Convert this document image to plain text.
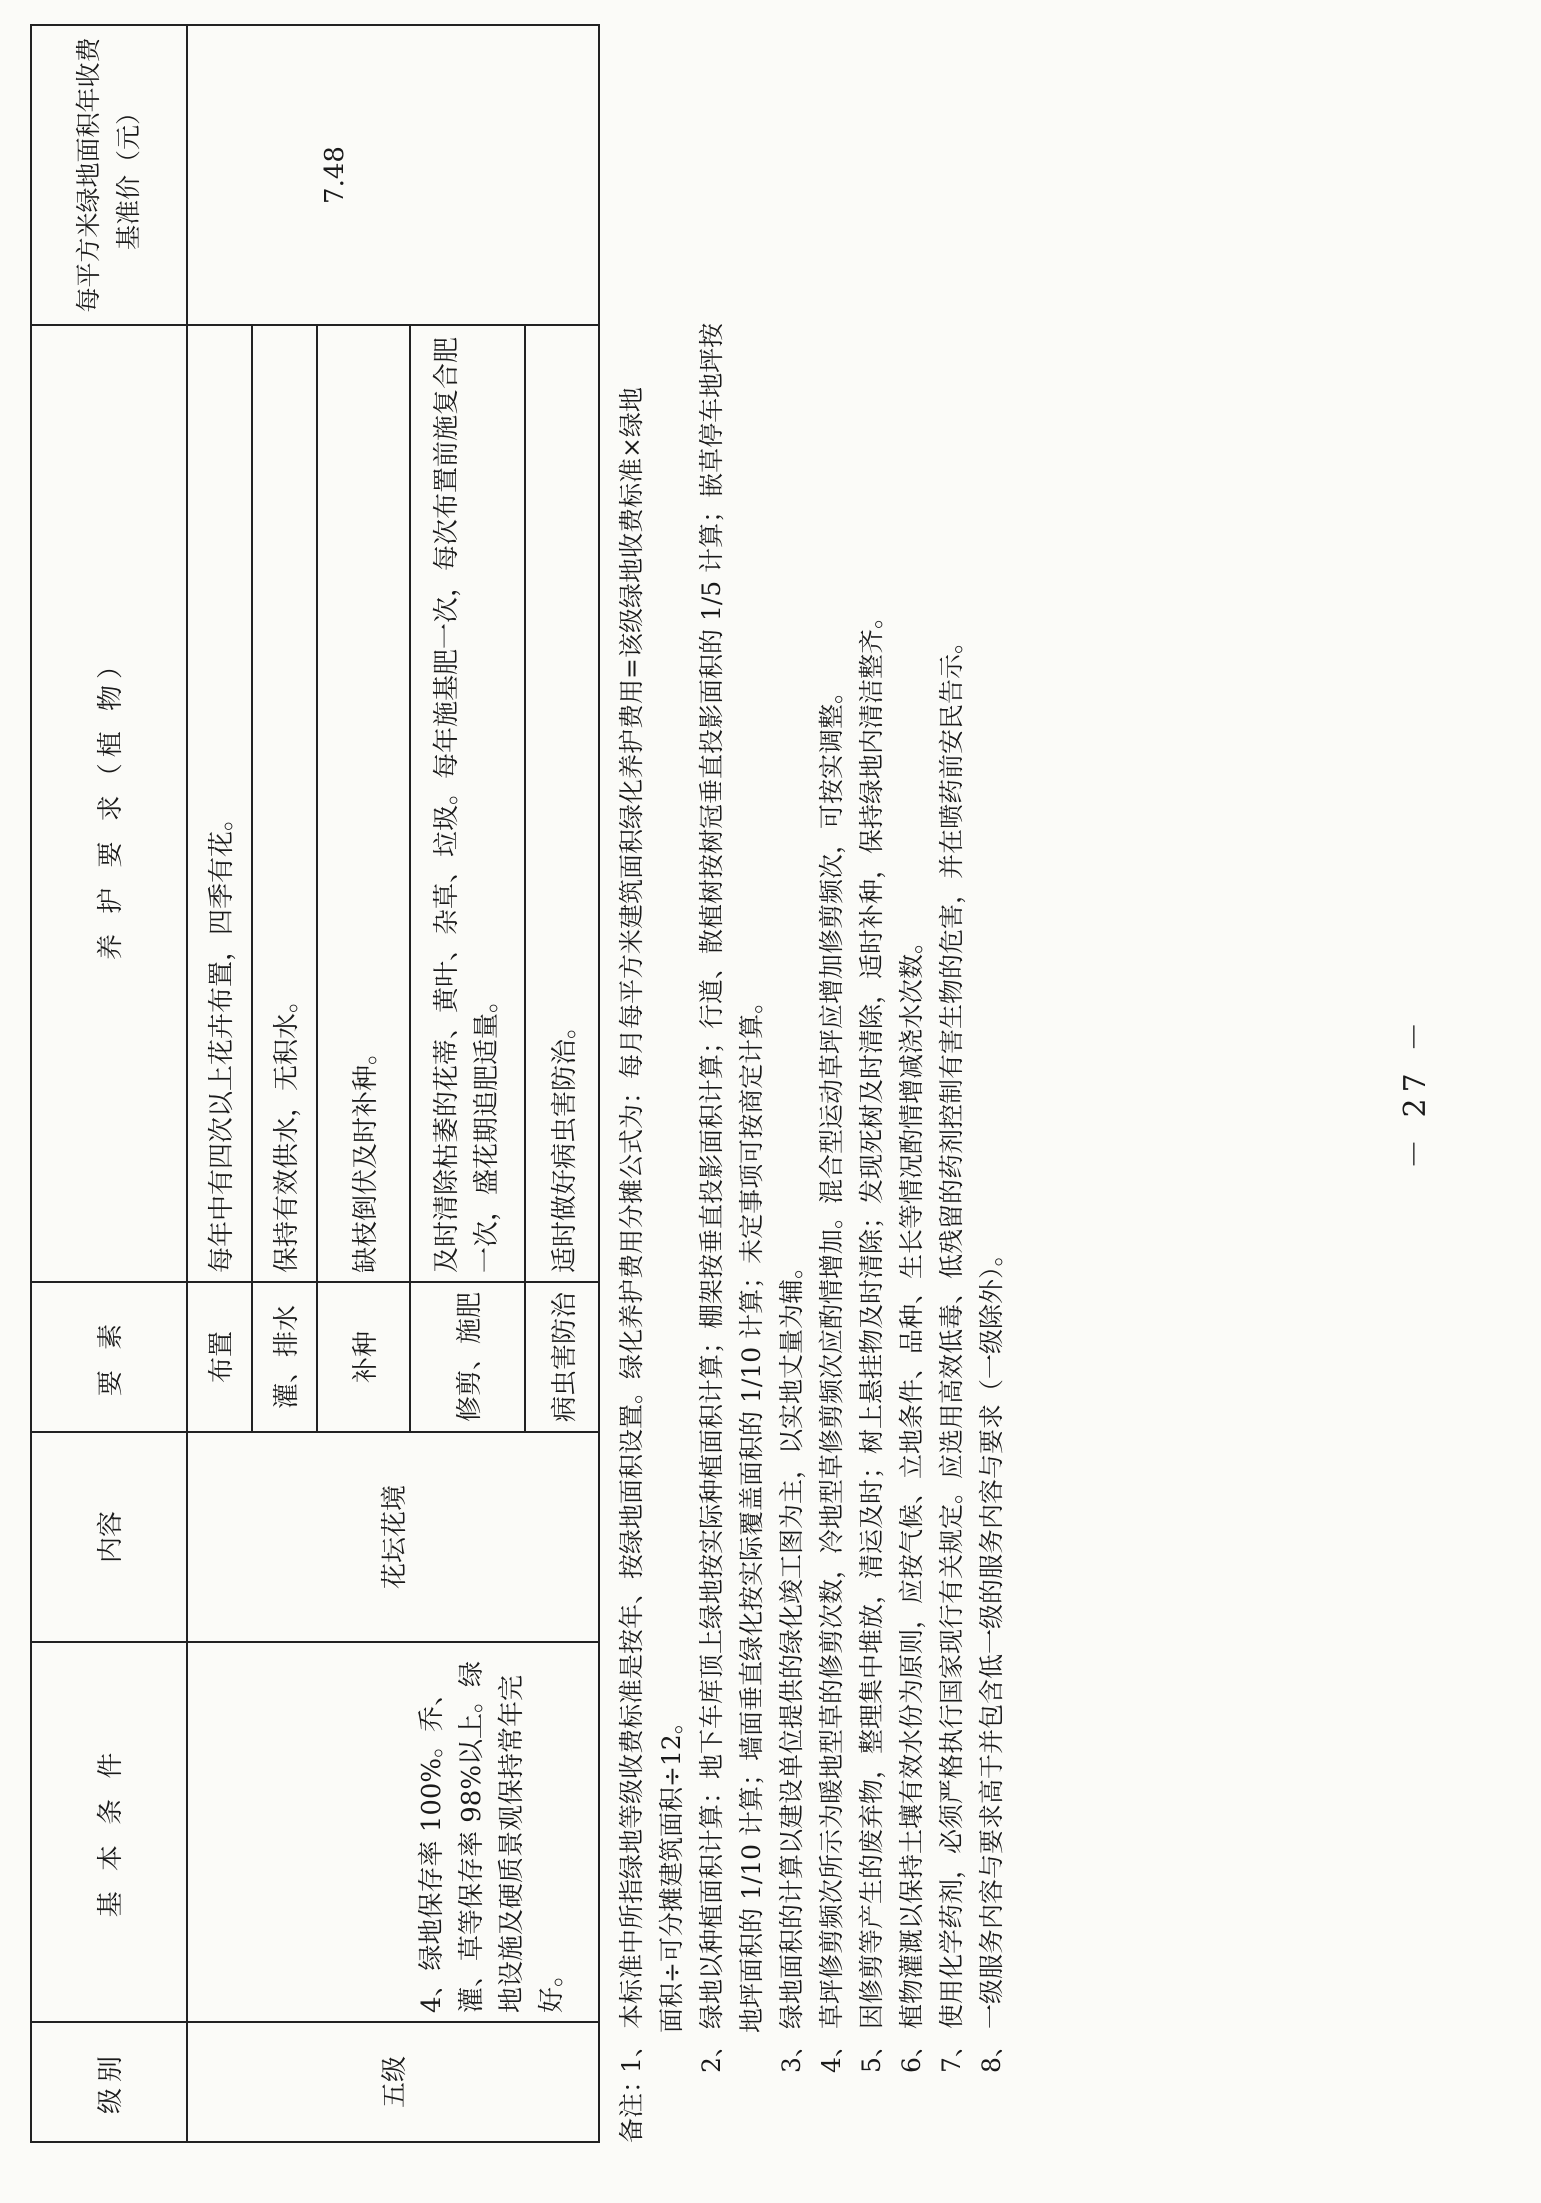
级别	基 本 条 件	内容	要 素	养 护 要 求（植 物）	每平方米绿地面积年收费基准价（元）
五级	4、绿地保存率 100%。乔、灌、草等保存率 98%以上。绿地设施及硬质景观保持常年完好。	花坛花境	布置	每年中有四次以上花卉布置，四季有花。	7.48
			灌、排水	保持有效供水，无积水。	
			补种	缺枝倒伏及时补种。	
			修剪、施肥	及时清除枯萎的花蒂、黄叶、杂草、垃圾。每年施基肥一次，每次布置前施复合肥一次，盛花期追肥适量。	
			病虫害防治	适时做好病虫害防治。	
备注：
1、本标准中所指绿地等级收费标准是按年、按绿地面积设置。绿化养护费用分摊公式为：每月每平方米建筑面积绿化养护费用=该级绿地收费标准×绿地 面积÷可分摊建筑面积÷12。
2、绿地以种植面积计算：地下车库顶上绿地按实际种植面积计算；棚架按垂直投影面积计算；行道、散植树按树冠垂直投影面积的 1/5 计算；嵌草停车地坪按 地坪面积的 1/10 计算；墙面垂直绿化按实际覆盖面积的 1/10 计算；未定事项可按商定计算。
3、绿地面积的计算以建设单位提供的绿化竣工图为主，以实地丈量为辅。
4、草坪修剪频次所示为暖地型草的修剪次数，冷地型草修剪频次应酌情增加。混合型运动草坪应增加修剪频次，可按实调整。
5、因修剪等产生的废弃物，整理集中堆放，清运及时；树上悬挂物及时清除；发现死树及时清除，适时补种，保持绿地内清洁整齐。
6、植物灌溉以保持土壤有效水份为原则，应按气候、立地条件、品种、生长等情况酌情增减浇水次数。
7、使用化学药剂，必须严格执行国家现行有关规定。应选用高效低毒、低残留的药剂控制有害生物的危害，并在喷药前安民告示。
8、一级服务内容与要求高于并包含低一级的服务内容与要求（一级除外）。
－ 27 －
